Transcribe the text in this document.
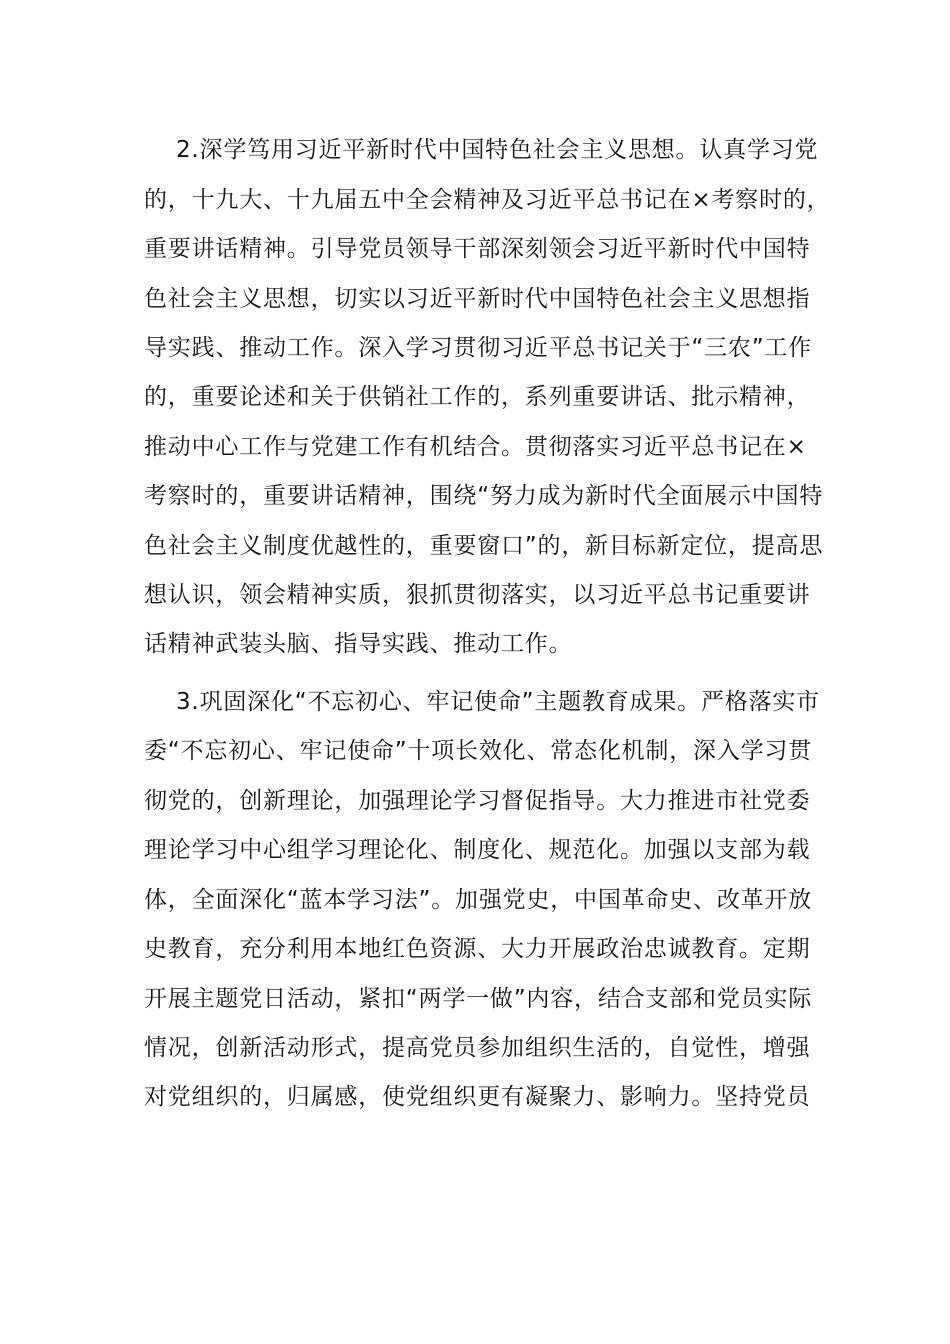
2.深学笃用习近平新时代中国特色社会主义思想。认真学习党
的，十九大、十九届五中全会精神及习近平总书记在×考察时的，
重要讲话精神。引导党员领导干部深刻领会习近平新时代中国特
色社会主义思想，切实以习近平新时代中国特色社会主义思想指
导实践、推动工作。深入学习贯彻习近平总书记关于“三农”工作
的，重要论述和关于供销社工作的，系列重要讲话、批示精神，
推动中心工作与党建工作有机结合。贯彻落实习近平总书记在×
考察时的，重要讲话精神，围绕“努力成为新时代全面展示中国特
色社会主义制度优越性的，重要窗口”的，新目标新定位，提高思
想认识，领会精神实质，狠抓贯彻落实，以习近平总书记重要讲
话精神武装头脑、指导实践、推动工作。
3.巩固深化“不忘初心、牢记使命”主题教育成果。严格落实市
委“不忘初心、牢记使命”十项长效化、常态化机制，深入学习贯
彻党的，创新理论，加强理论学习督促指导。大力推进市社党委
理论学习中心组学习理论化、制度化、规范化。加强以支部为载
体，全面深化“蓝本学习法”。加强党史，中国革命史、改革开放
史教育，充分利用本地红色资源、大力开展政治忠诚教育。定期
开展主题党日活动，紧扣“两学一做”内容，结合支部和党员实际
情况，创新活动形式，提高党员参加组织生活的，自觉性，增强
对党组织的，归属感，使党组织更有凝聚力、影响力。坚持党员
